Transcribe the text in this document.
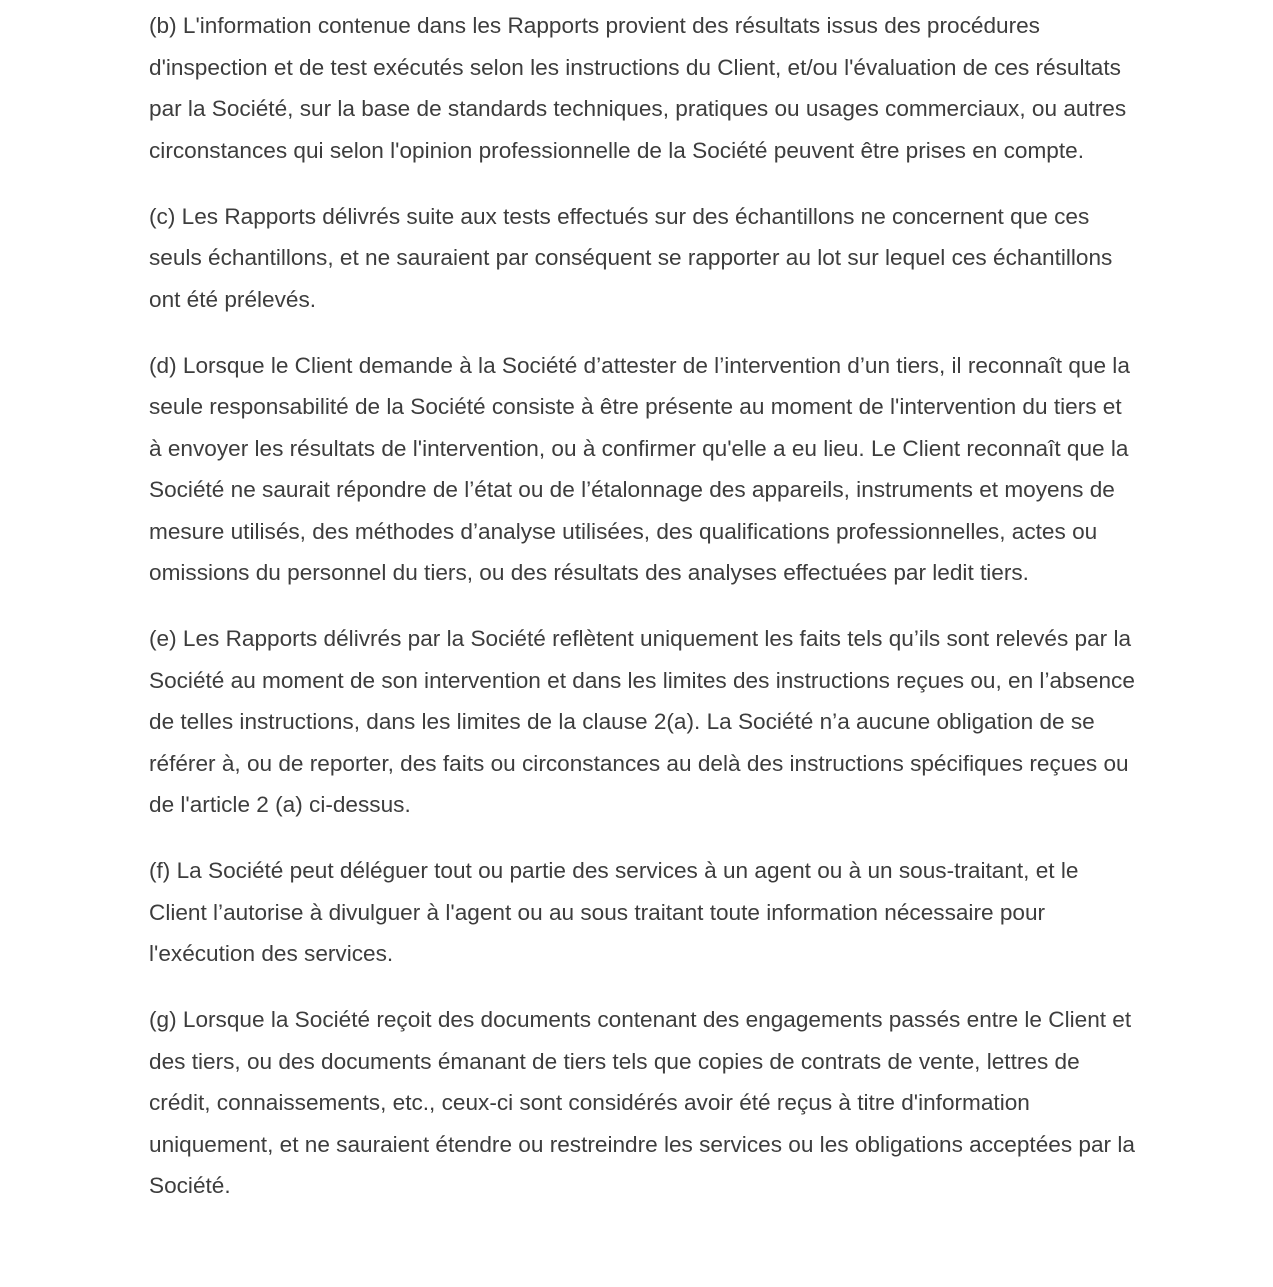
(b) L'information contenue dans les Rapports provient des résultats issus des procédures d'inspection et de test exécutés selon les instructions du Client, et/ou l'évaluation de ces résultats par la Société, sur la base de standards techniques, pratiques ou usages commerciaux, ou autres circonstances qui selon l'opinion professionnelle de la Société peuvent être prises en compte.

(c) Les Rapports délivrés suite aux tests effectués sur des échantillons ne concernent que ces seuls échantillons, et ne sauraient par conséquent se rapporter au lot sur lequel ces échantillons ont été prélevés.

(d) Lorsque le Client demande à la Société d’attester de l’intervention d’un tiers, il reconnaît que la seule responsabilité de la Société consiste à être présente au moment de l'intervention du tiers et à envoyer les résultats de l'intervention, ou à confirmer qu'elle a eu lieu. Le Client reconnaît que la Société ne saurait répondre de l’état ou de l’étalonnage des appareils, instruments et moyens de mesure utilisés, des méthodes d’analyse utilisées, des qualifications professionnelles, actes ou omissions du personnel du tiers, ou des résultats des analyses effectuées par ledit tiers.

(e) Les Rapports délivrés par la Société reflètent uniquement les faits tels qu’ils sont relevés par la Société au moment de son intervention et dans les limites des instructions reçues ou, en l’absence de telles instructions, dans les limites de la clause 2(a). La Société n’a aucune obligation de se référer à, ou de reporter, des faits ou circonstances au delà des instructions spécifiques reçues ou de l'article 2 (a) ci-dessus.

(f) La Société peut déléguer tout ou partie des services à un agent ou à un sous-traitant, et le Client l’autorise à divulguer à l'agent ou au sous traitant toute information nécessaire pour l'exécution des services.

(g) Lorsque la Société reçoit des documents contenant des engagements passés entre le Client et des tiers, ou des documents émanant de tiers tels que copies de contrats de vente, lettres de crédit, connaissements, etc., ceux-ci sont considérés avoir été reçus à titre d'information uniquement, et ne sauraient étendre ou restreindre les services ou les obligations acceptées par la Société.
